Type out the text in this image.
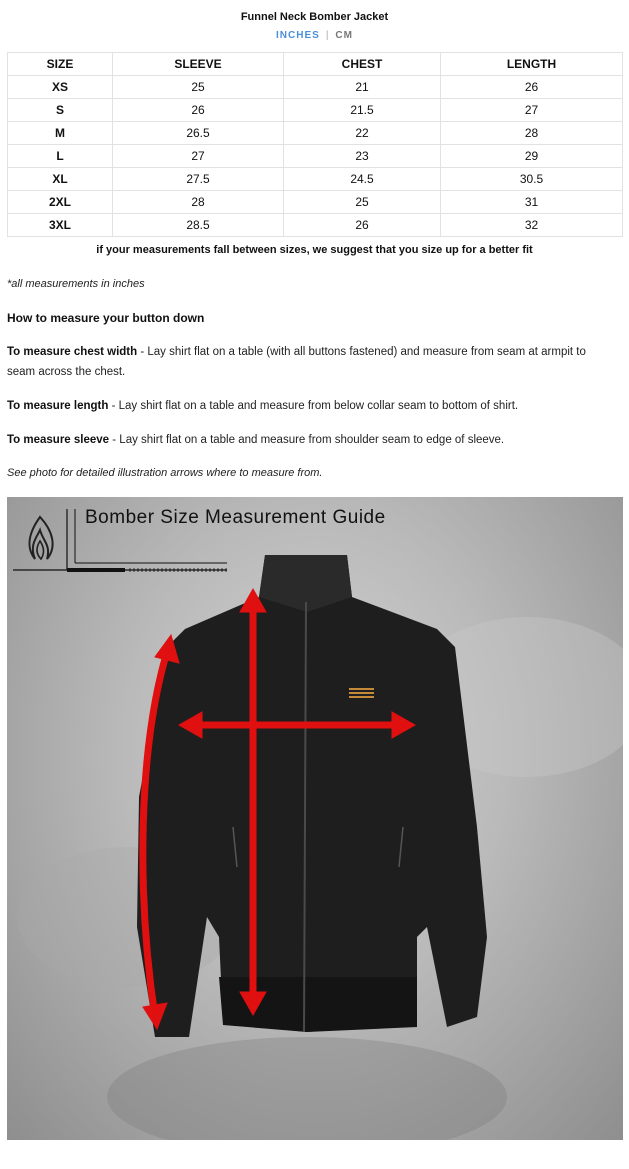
Funnel Neck Bomber Jacket
INCHES | CM
SIZE	SLEEVE	CHEST	LENGTH
XS	25	21	26
S	26	21.5	27
M	26.5	22	28
L	27	23	29
XL	27.5	24.5	30.5
2XL	28	25	31
3XL	28.5	26	32
if your measurements fall between sizes, we suggest that you size up for a better fit
*all measurements in inches
How to measure your button down
To measure chest width - Lay shirt flat on a table (with all buttons fastened) and measure from seam at armpit to seam across the chest.
To measure length - Lay shirt flat on a table and measure from below collar seam to bottom of shirt.
To measure sleeve - Lay shirt flat on a table and measure from shoulder seam to edge of sleeve.
See photo for detailed illustration arrows where to measure from.
Bomber Size Measurement Guide
